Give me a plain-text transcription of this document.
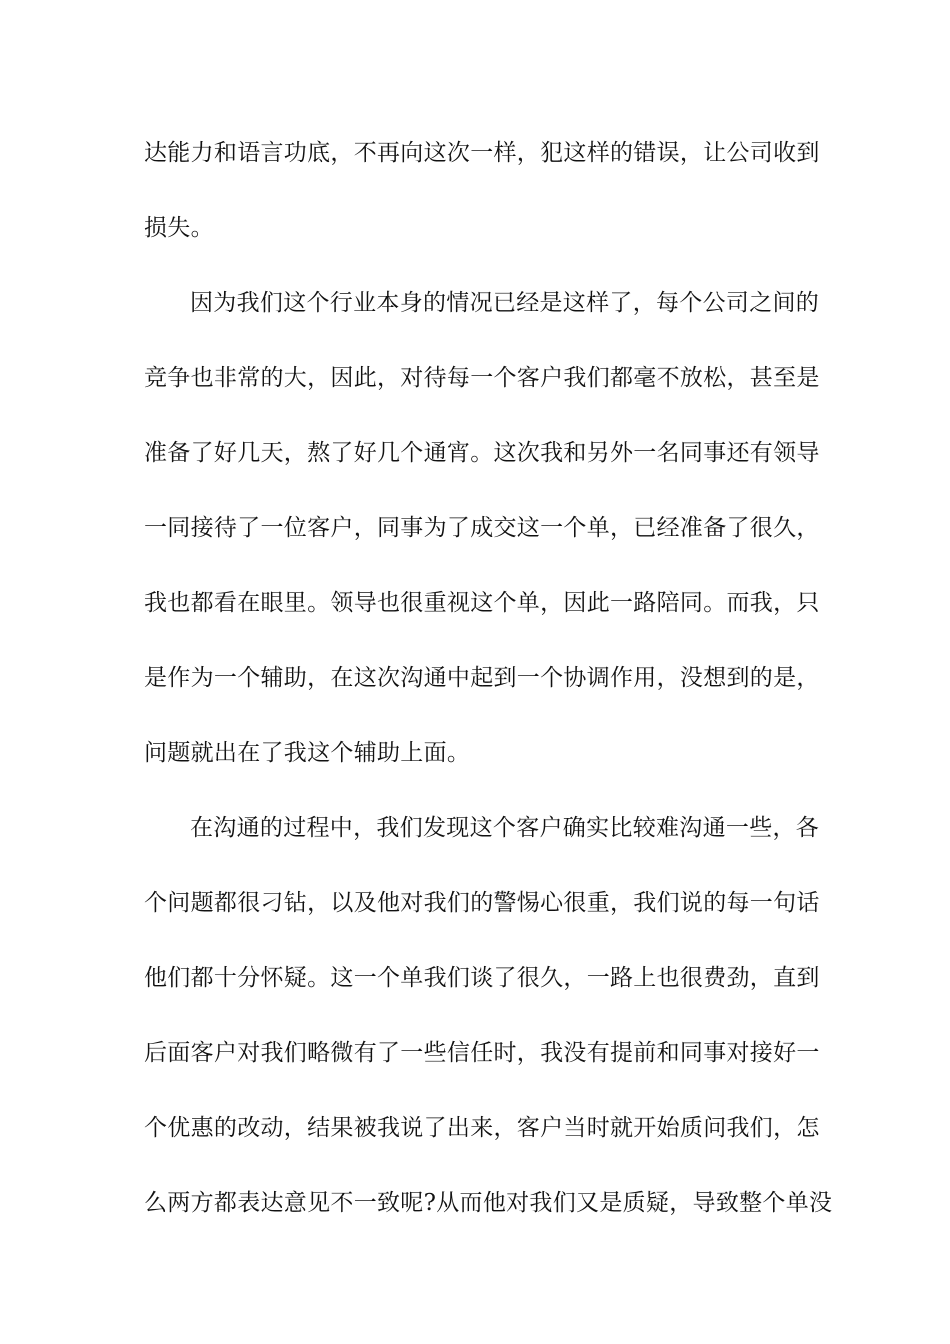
达能力和语言功底，不再向这次一样，犯这样的错误，让公司收到
损失。
因为我们这个行业本身的情况已经是这样了，每个公司之间的
竞争也非常的大，因此，对待每一个客户我们都毫不放松，甚至是
准备了好几天，熬了好几个通宵。这次我和另外一名同事还有领导
一同接待了一位客户，同事为了成交这一个单，已经准备了很久，
我也都看在眼里。领导也很重视这个单，因此一路陪同。而我，只
是作为一个辅助，在这次沟通中起到一个协调作用，没想到的是，
问题就出在了我这个辅助上面。
在沟通的过程中，我们发现这个客户确实比较难沟通一些，各
个问题都很刁钻，以及他对我们的警惕心很重，我们说的每一句话
他们都十分怀疑。这一个单我们谈了很久，一路上也很费劲，直到
后面客户对我们略微有了一些信任时，我没有提前和同事对接好一
个优惠的改动，结果被我说了出来，客户当时就开始质问我们，怎
么两方都表达意见不一致呢?从而他对我们又是质疑，导致整个单没
